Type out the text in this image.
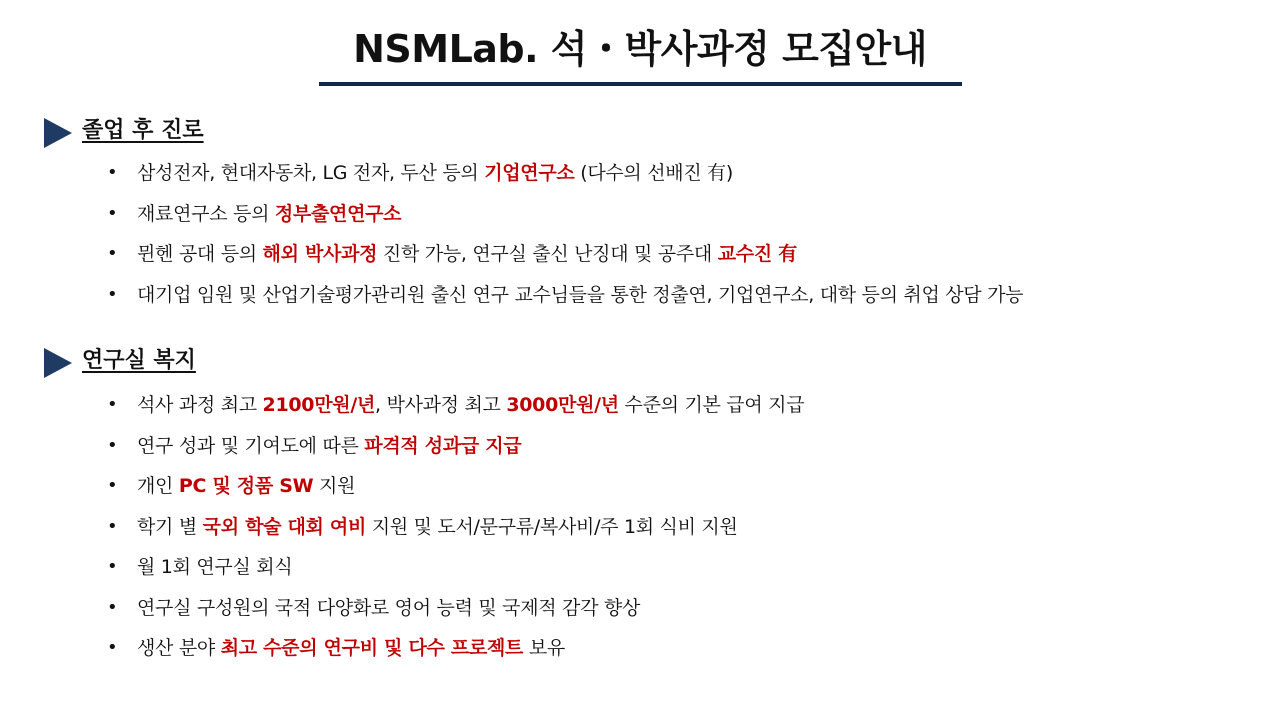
NSMLab. 석・박사과정 모집안내
졸업 후 진로
• 삼성전자, 현대자동차, LG 전자, 두산 등의 기업연구소 (다수의 선배진 有)
• 재료연구소 등의 정부출연연구소
• 뮌헨 공대 등의 해외 박사과정 진학 가능, 연구실 출신 난징대 및 공주대 교수진 有
• 대기업 임원 및 산업기술평가관리원 출신 연구 교수님들을 통한 정출연, 기업연구소, 대학 등의 취업 상담 가능
연구실 복지
• 석사 과정 최고 2100만원/년, 박사과정 최고 3000만원/년 수준의 기본 급여 지급
• 연구 성과 및 기여도에 따른 파격적 성과급 지급
• 개인 PC 및 정품 SW 지원
• 학기 별 국외 학술 대회 여비 지원 및 도서/문구류/복사비/주 1회 식비 지원
• 월 1회 연구실 회식
• 연구실 구성원의 국적 다양화로 영어 능력 및 국제적 감각 향상
• 생산 분야 최고 수준의 연구비 및 다수 프로젝트 보유
